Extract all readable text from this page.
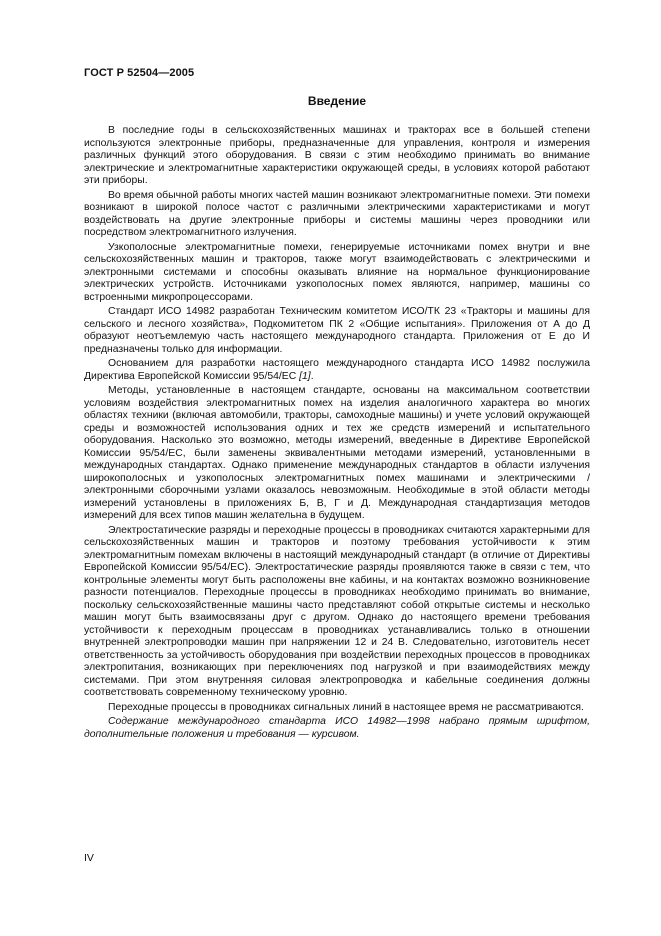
ГОСТ Р 52504—2005
Введение

В последние годы в сельскохозяйственных машинах и тракторах все в большей степени используются электронные приборы, предназначенные для управления, контроля и измерения различных функций этого оборудования. В связи с этим необходимо принимать во внимание электрические и электромагнитные характеристики окружающей среды, в условиях которой работают эти приборы.

Во время обычной работы многих частей машин возникают электромагнитные помехи. Эти помехи возникают в широкой полосе частот с различными электрическими характеристиками и могут воздействовать на другие электронные приборы и системы машины через проводники или посредством электромагнитного излучения.

Узкополосные электромагнитные помехи, генерируемые источниками помех внутри и вне сельскохозяйственных машин и тракторов, также могут взаимодействовать с электрическими и электронными системами и способны оказывать влияние на нормальное функционирование электрических устройств. Источниками узкополосных помех являются, например, машины со встроенными микропроцессорами.

Стандарт ИСО 14982 разработан Техническим комитетом ИСО/ТК 23 «Тракторы и машины для сельского и лесного хозяйства», Подкомитетом ПК 2 «Общие испытания». Приложения от А до Д образуют неотъемлемую часть настоящего международного стандарта. Приложения от Е до И предназначены только для информации.

Основанием для разработки настоящего международного стандарта ИСО 14982 послужила Директива Европейской Комиссии 95/54/ЕС [1].

Методы, установленные в настоящем стандарте, основаны на максимальном соответствии условиям воздействия электромагнитных помех на изделия аналогичного характера во многих областях техники (включая автомобили, тракторы, самоходные машины) и учете условий окружающей среды и возможностей использования одних и тех же средств измерений и испытательного оборудования. Насколько это возможно, методы измерений, введенные в Директиве Европейской Комиссии 95/54/ЕС, были заменены эквивалентными методами измерений, установленными в международных стандартах. Однако применение международных стандартов в области излучения широкополосных и узкополосных электромагнитных помех машинами и электрическими / электронными сборочными узлами оказалось невозможным. Необходимые в этой области методы измерений установлены в приложениях Б, В, Г и Д. Международная стандартизация методов измерений для всех типов машин желательна в будущем.

Электростатические разряды и переходные процессы в проводниках считаются характерными для сельскохозяйственных машин и тракторов и поэтому требования устойчивости к этим электромагнитным помехам включены в настоящий международный стандарт (в отличие от Директивы Европейской Комиссии 95/54/ЕС). Электростатические разряды проявляются также в связи с тем, что контрольные элементы могут быть расположены вне кабины, и на контактах возможно возникновение разности потенциалов. Переходные процессы в проводниках необходимо принимать во внимание, поскольку сельскохозяйственные машины часто представляют собой открытые системы и несколько машин могут быть взаимосвязаны друг с другом. Однако до настоящего времени требования устойчивости к переходным процессам в проводниках устанавливались только в отношении внутренней электропроводки машин при напряжении 12 и 24 В. Следовательно, изготовитель несет ответственность за устойчивость оборудования при воздействии переходных процессов в проводниках электропитания, возникающих при переключениях под нагрузкой и при взаимодействиях между системами. При этом внутренняя силовая электропроводка и кабельные соединения должны соответствовать современному техническому уровню.

Переходные процессы в проводниках сигнальных линий в настоящее время не рассматриваются.

Содержание международного стандарта ИСО 14982—1998 набрано прямым шрифтом, дополнительные положения и требования — курсивом.

IV
